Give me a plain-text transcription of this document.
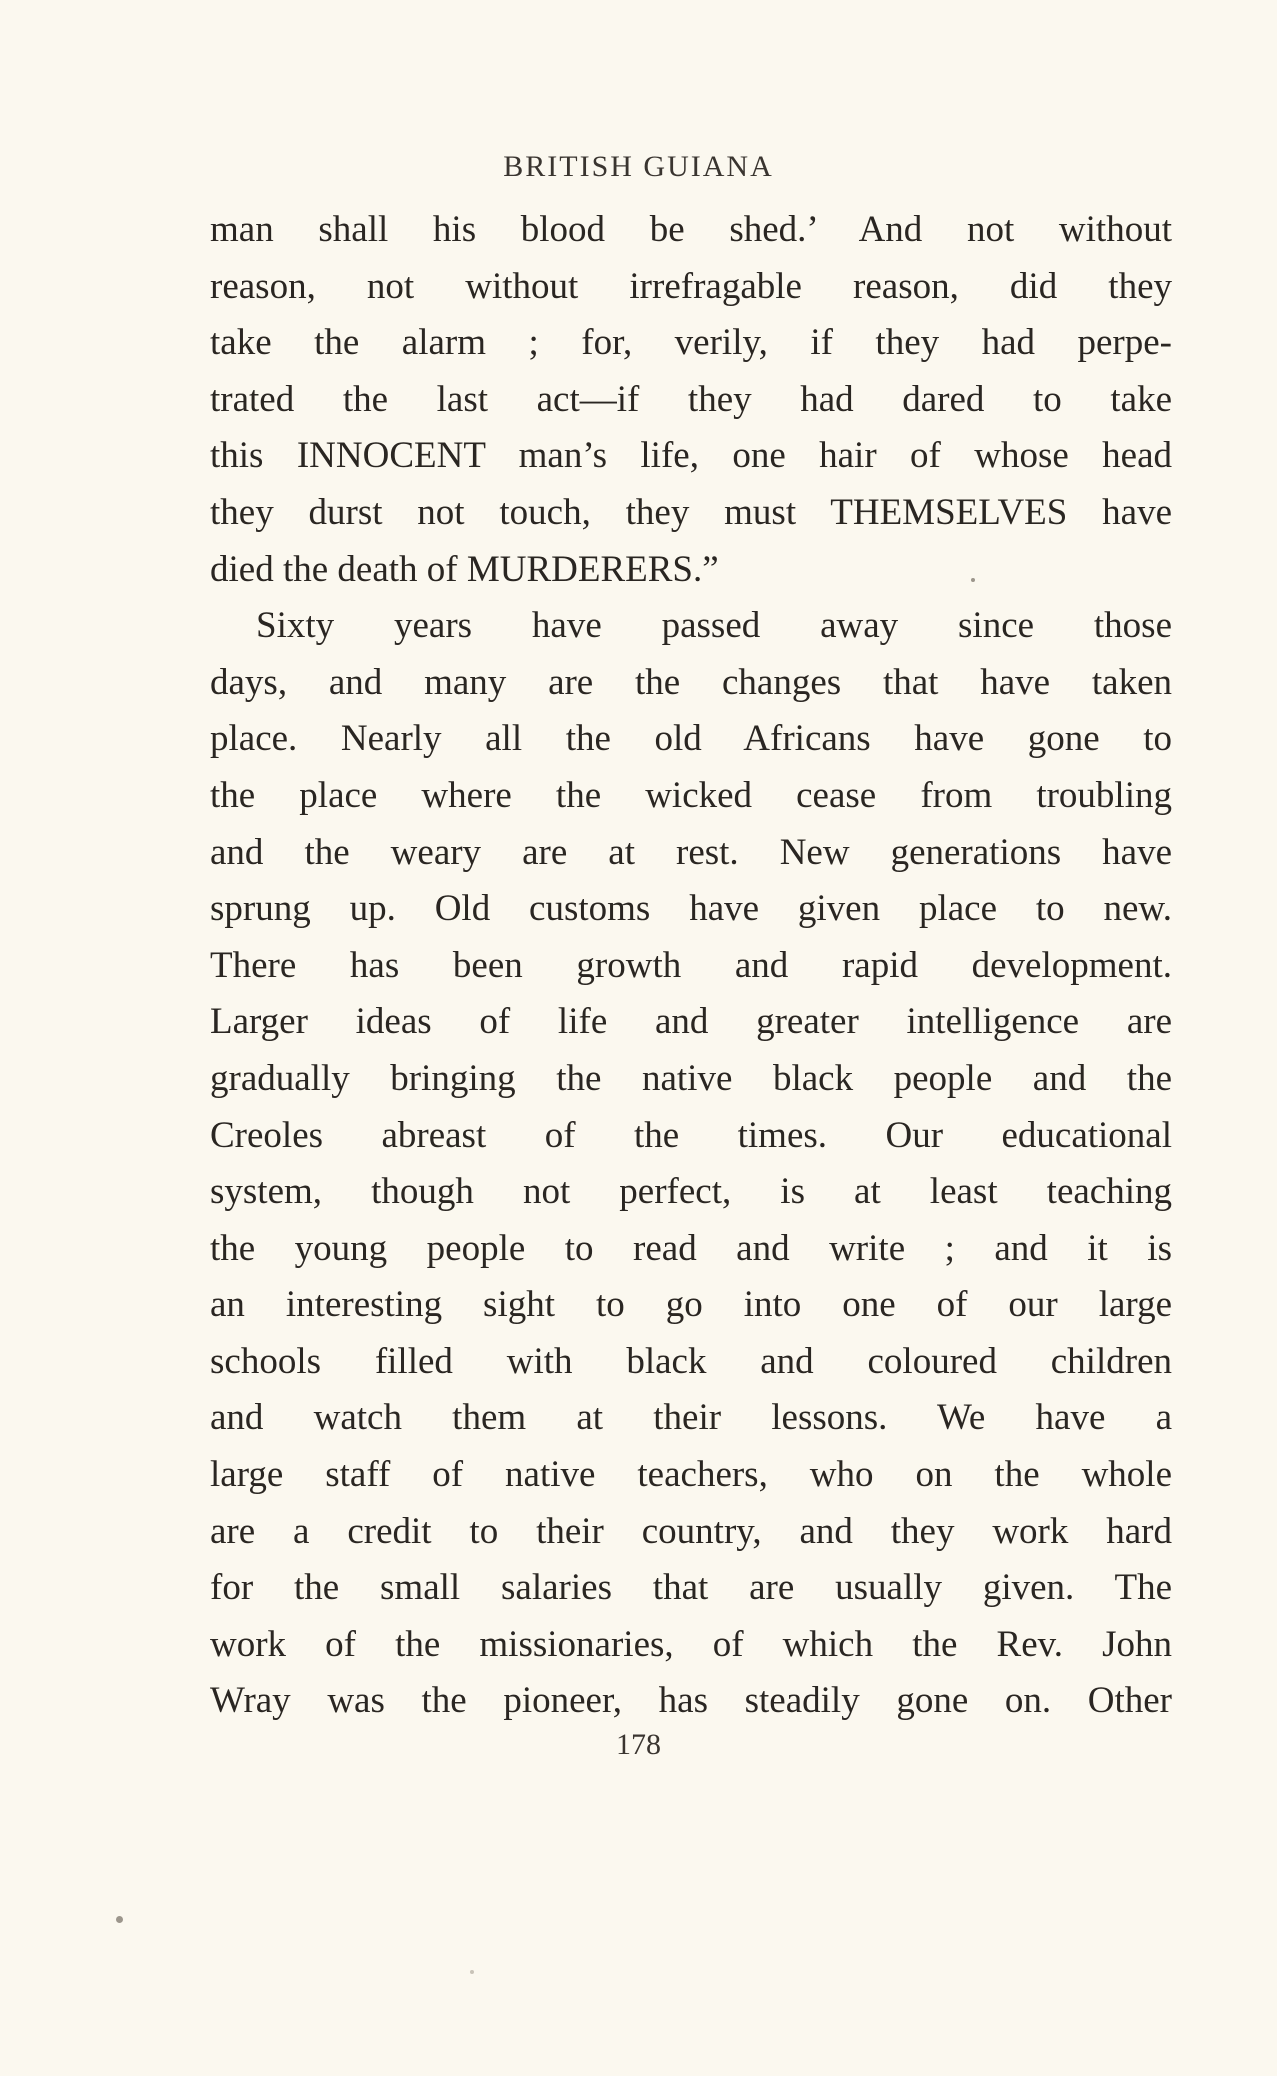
BRITISH GUIANA
man shall his blood be shed.’ And not without
reason, not without irrefragable reason, did they
take the alarm ; for, verily, if they had perpe-
trated the last act—if they had dared to take
this INNOCENT man’s life, one hair of whose head
they durst not touch, they must THEMSELVES have
died the death of MURDERERS.”
Sixty years have passed away since those
days, and many are the changes that have taken
place. Nearly all the old Africans have gone to
the place where the wicked cease from troubling
and the weary are at rest. New generations have
sprung up. Old customs have given place to new.
There has been growth and rapid development.
Larger ideas of life and greater intelligence are
gradually bringing the native black people and the
Creoles abreast of the times. Our educational
system, though not perfect, is at least teaching
the young people to read and write ; and it is
an interesting sight to go into one of our large
schools filled with black and coloured children
and watch them at their lessons. We have a
large staff of native teachers, who on the whole
are a credit to their country, and they work hard
for the small salaries that are usually given. The
work of the missionaries, of which the Rev. John
Wray was the pioneer, has steadily gone on. Other
178
